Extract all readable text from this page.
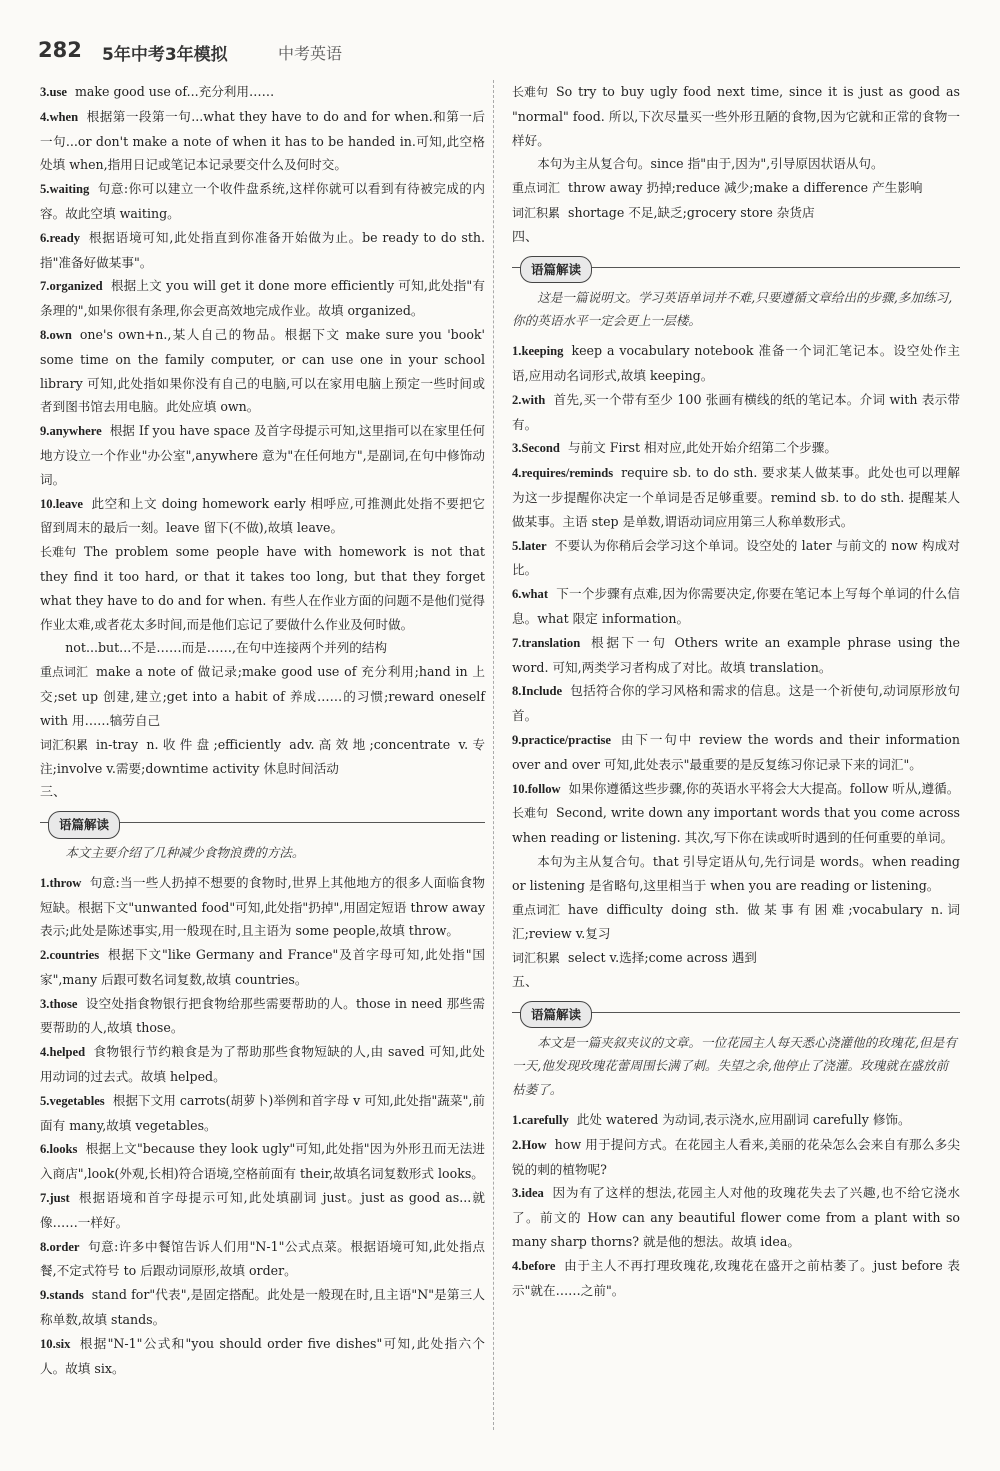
282 5年中考3年模拟	中考英语

3.use make good use of...充分利用……

4.when 根据第一段第一句...what they have to do and for when.和第一后一句...or don't make a note of when it has to be handed in.可知,此空格处填 when,指用日记或笔记本记录要交什么及何时交。

5.waiting 句意:你可以建立一个收件盘系统,这样你就可以看到有待被完成的内容。故此空填 waiting。

6.ready 根据语境可知,此处指直到你准备开始做为止。be ready to do sth.指"准备好做某事"。

7.organized 根据上文 you will get it done more efficiently 可知,此处指"有条理的",如果你很有条理,你会更高效地完成作业。故填 organized。

8.own one's own+n.,某人自己的物品。根据下文 make sure you 'book' some time on the family computer, or can use one in your school library 可知,此处指如果你没有自己的电脑,可以在家用电脑上预定一些时间或者到图书馆去用电脑。此处应填 own。

9.anywhere 根据 If you have space 及首字母提示可知,这里指可以在家里任何地方设立一个作业"办公室",anywhere 意为"在任何地方",是副词,在句中修饰动词。

10.leave 此空和上文 doing homework early 相呼应,可推测此处指不要把它留到周末的最后一刻。leave 留下(不做),故填 leave。

长难句 The problem some people have with homework is not that they find it too hard, or that it takes too long, but that they forget what they have to do and for when. 有些人在作业方面的问题不是他们觉得作业太难,或者花太多时间,而是他们忘记了要做什么作业及何时做。

not...but...不是……而是……,在句中连接两个并列的结构

重点词汇 make a note of 做记录;make good use of 充分利用;hand in 上交;set up 创建,建立;get into a habit of 养成……的习惯;reward oneself with 用……犒劳自己

词汇积累 in-tray n.收件盘;efficiently adv.高效地;concentrate v.专注;involve v.需要;downtime activity 休息时间活动

三、

语篇解读

本文主要介绍了几种减少食物浪费的方法。

1.throw 句意:当一些人扔掉不想要的食物时,世界上其他地方的很多人面临食物短缺。根据下文"unwanted food"可知,此处指"扔掉",用固定短语 throw away 表示;此处是陈述事实,用一般现在时,且主语为 some people,故填 throw。

2.countries 根据下文"like Germany and France"及首字母可知,此处指"国家",many 后跟可数名词复数,故填 countries。

3.those 设空处指食物银行把食物给那些需要帮助的人。those in need 那些需要帮助的人,故填 those。

4.helped 食物银行节约粮食是为了帮助那些食物短缺的人,由 saved 可知,此处用动词的过去式。故填 helped。

5.vegetables 根据下文用 carrots(胡萝卜)举例和首字母 v 可知,此处指"蔬菜",前面有 many,故填 vegetables。

6.looks 根据上文"because they look ugly"可知,此处指"因为外形丑而无法进入商店",look(外观,长相)符合语境,空格前面有 their,故填名词复数形式 looks。

7.just 根据语境和首字母提示可知,此处填副词 just。just as good as...就像……一样好。

8.order 句意:许多中餐馆告诉人们用"N-1"公式点菜。根据语境可知,此处指点餐,不定式符号 to 后跟动词原形,故填 order。

9.stands stand for"代表",是固定搭配。此处是一般现在时,且主语"N"是第三人称单数,故填 stands。

10.six 根据"N-1"公式和"you should order five dishes"可知,此处指六个人。故填 six。

长难句 So try to buy ugly food next time, since it is just as good as "normal" food. 所以,下次尽量买一些外形丑陋的食物,因为它就和正常的食物一样好。

本句为主从复合句。since 指"由于,因为",引导原因状语从句。

重点词汇 throw away 扔掉;reduce 减少;make a difference 产生影响

词汇积累 shortage 不足,缺乏;grocery store 杂货店

四、

语篇解读

这是一篇说明文。学习英语单词并不难,只要遵循文章给出的步骤,多加练习,你的英语水平一定会更上一层楼。

1.keeping keep a vocabulary notebook 准备一个词汇笔记本。设空处作主语,应用动名词形式,故填 keeping。

2.with 首先,买一个带有至少 100 张画有横线的纸的笔记本。介词 with 表示带有。

3.Second 与前文 First 相对应,此处开始介绍第二个步骤。

4.requires/reminds require sb. to do sth. 要求某人做某事。此处也可以理解为这一步提醒你决定一个单词是否足够重要。remind sb. to do sth. 提醒某人做某事。主语 step 是单数,谓语动词应用第三人称单数形式。

5.later 不要认为你稍后会学习这个单词。设空处的 later 与前文的 now 构成对比。

6.what 下一个步骤有点难,因为你需要决定,你要在笔记本上写每个单词的什么信息。what 限定 information。

7.translation 根据下一句 Others write an example phrase using the word. 可知,两类学习者构成了对比。故填 translation。

8.Include 包括符合你的学习风格和需求的信息。这是一个祈使句,动词原形放句首。

9.practice/practise 由下一句中 review the words and their information over and over 可知,此处表示"最重要的是反复练习你记录下来的词汇"。

10.follow 如果你遵循这些步骤,你的英语水平将会大大提高。follow 听从,遵循。

长难句 Second, write down any important words that you come across when reading or listening. 其次,写下你在读或听时遇到的任何重要的单词。

本句为主从复合句。that 引导定语从句,先行词是 words。when reading or listening 是省略句,这里相当于 when you are reading or listening。

重点词汇 have difficulty doing sth. 做某事有困难;vocabulary n.词汇;review v.复习

词汇积累 select v.选择;come across 遇到

五、

语篇解读

本文是一篇夹叙夹议的文章。一位花园主人每天悉心浇灌他的玫瑰花,但是有一天,他发现玫瑰花蕾周围长满了刺。失望之余,他停止了浇灌。玫瑰就在盛放前枯萎了。

1.carefully 此处 watered 为动词,表示浇水,应用副词 carefully 修饰。

2.How how 用于提问方式。在花园主人看来,美丽的花朵怎么会来自有那么多尖锐的刺的植物呢?

3.idea 因为有了这样的想法,花园主人对他的玫瑰花失去了兴趣,也不给它浇水了。前文的 How can any beautiful flower come from a plant with so many sharp thorns? 就是他的想法。故填 idea。

4.before 由于主人不再打理玫瑰花,玫瑰花在盛开之前枯萎了。just before 表示"就在……之前"。
